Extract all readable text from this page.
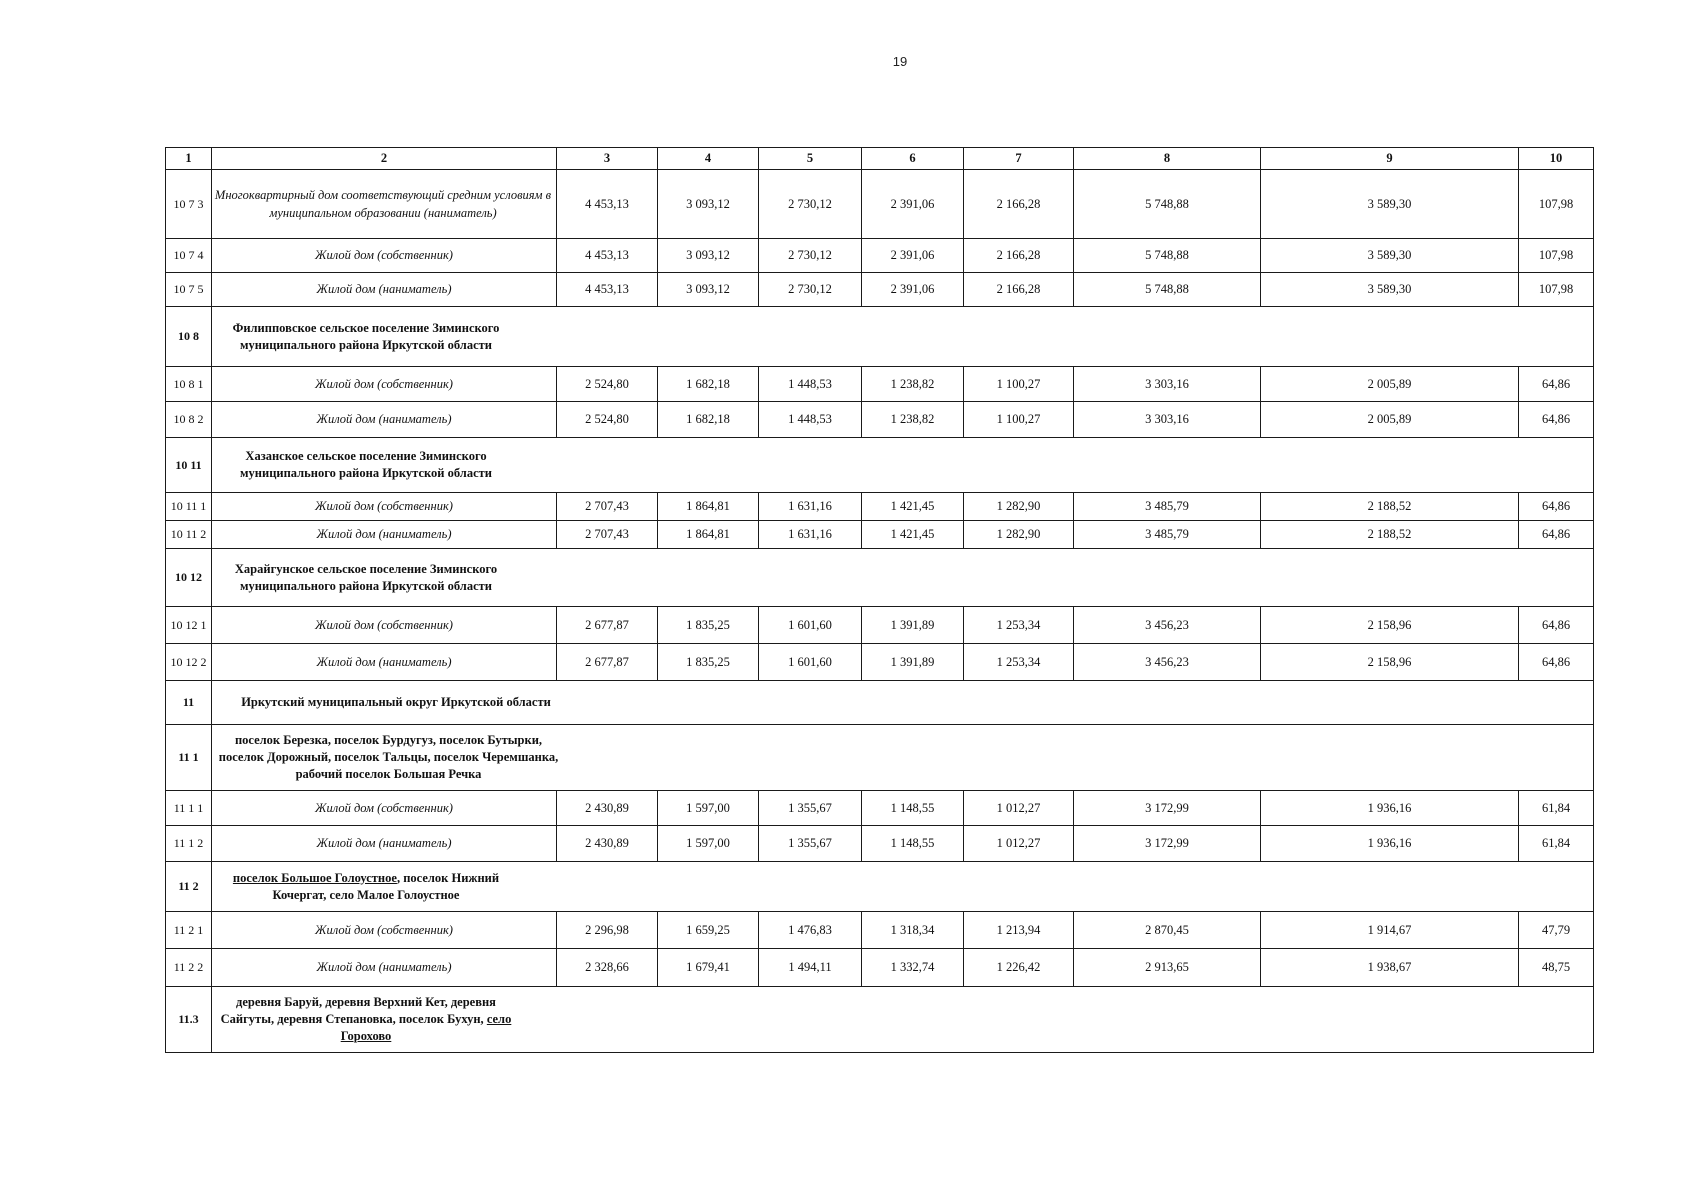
19
1	2	3	4	5	6	7	8	9	10
10 7 3	Многоквартирный дом соответствующий средним условиям в муниципальном образовании (наниматель)	4 453,13	3 093,12	2 730,12	2 391,06	2 166,28	5 748,88	3 589,30	107,98
10 7 4	Жилой дом (собственник)	4 453,13	3 093,12	2 730,12	2 391,06	2 166,28	5 748,88	3 589,30	107,98
10 7 5	Жилой дом (наниматель)	4 453,13	3 093,12	2 730,12	2 391,06	2 166,28	5 748,88	3 589,30	107,98
10 8	Филипповское сельское поселение Зиминского муниципального района Иркутской области								

10 8 1	Жилой дом (собственник)	2 524,80	1 682,18	1 448,53	1 238,82	1 100,27	3 303,16	2 005,89	64,86
10 8 2	Жилой дом (наниматель)	2 524,80	1 682,18	1 448,53	1 238,82	1 100,27	3 303,16	2 005,89	64,86
10 11	Хазанское сельское поселение Зиминского муниципального района Иркутской области								

10 11 1	Жилой дом (собственник)	2 707,43	1 864,81	1 631,16	1 421,45	1 282,90	3 485,79	2 188,52	64,86
10 11 2	Жилой дом (наниматель)	2 707,43	1 864,81	1 631,16	1 421,45	1 282,90	3 485,79	2 188,52	64,86
10 12	Харайгунское сельское поселение Зиминского муниципального района Иркутской области								

10 12 1	Жилой дом (собственник)	2 677,87	1 835,25	1 601,60	1 391,89	1 253,34	3 456,23	2 158,96	64,86
10 12 2	Жилой дом (наниматель)	2 677,87	1 835,25	1 601,60	1 391,89	1 253,34	3 456,23	2 158,96	64,86
11	Иркутский муниципальный округ Иркутской области								

11 1	поселок Березка, поселок Бурдугуз, поселок Бутырки, поселок Дорожный, поселок Тальцы, поселок Черемшанка, рабочий поселок Большая Речка								

11 1 1	Жилой дом (собственник)	2 430,89	1 597,00	1 355,67	1 148,55	1 012,27	3 172,99	1 936,16	61,84
11 1 2	Жилой дом (наниматель)	2 430,89	1 597,00	1 355,67	1 148,55	1 012,27	3 172,99	1 936,16	61,84
11 2	поселок Большое Голоустное, поселок Нижний Кочергат, село Малое Голоустное								

11 2 1	Жилой дом (собственник)	2 296,98	1 659,25	1 476,83	1 318,34	1 213,94	2 870,45	1 914,67	47,79
11 2 2	Жилой дом (наниматель)	2 328,66	1 679,41	1 494,11	1 332,74	1 226,42	2 913,65	1 938,67	48,75
11.3	деревня Баруй, деревня Верхний Кет, деревня Сайгуты, деревня Степановка, поселок Бухун, село Горохово								
